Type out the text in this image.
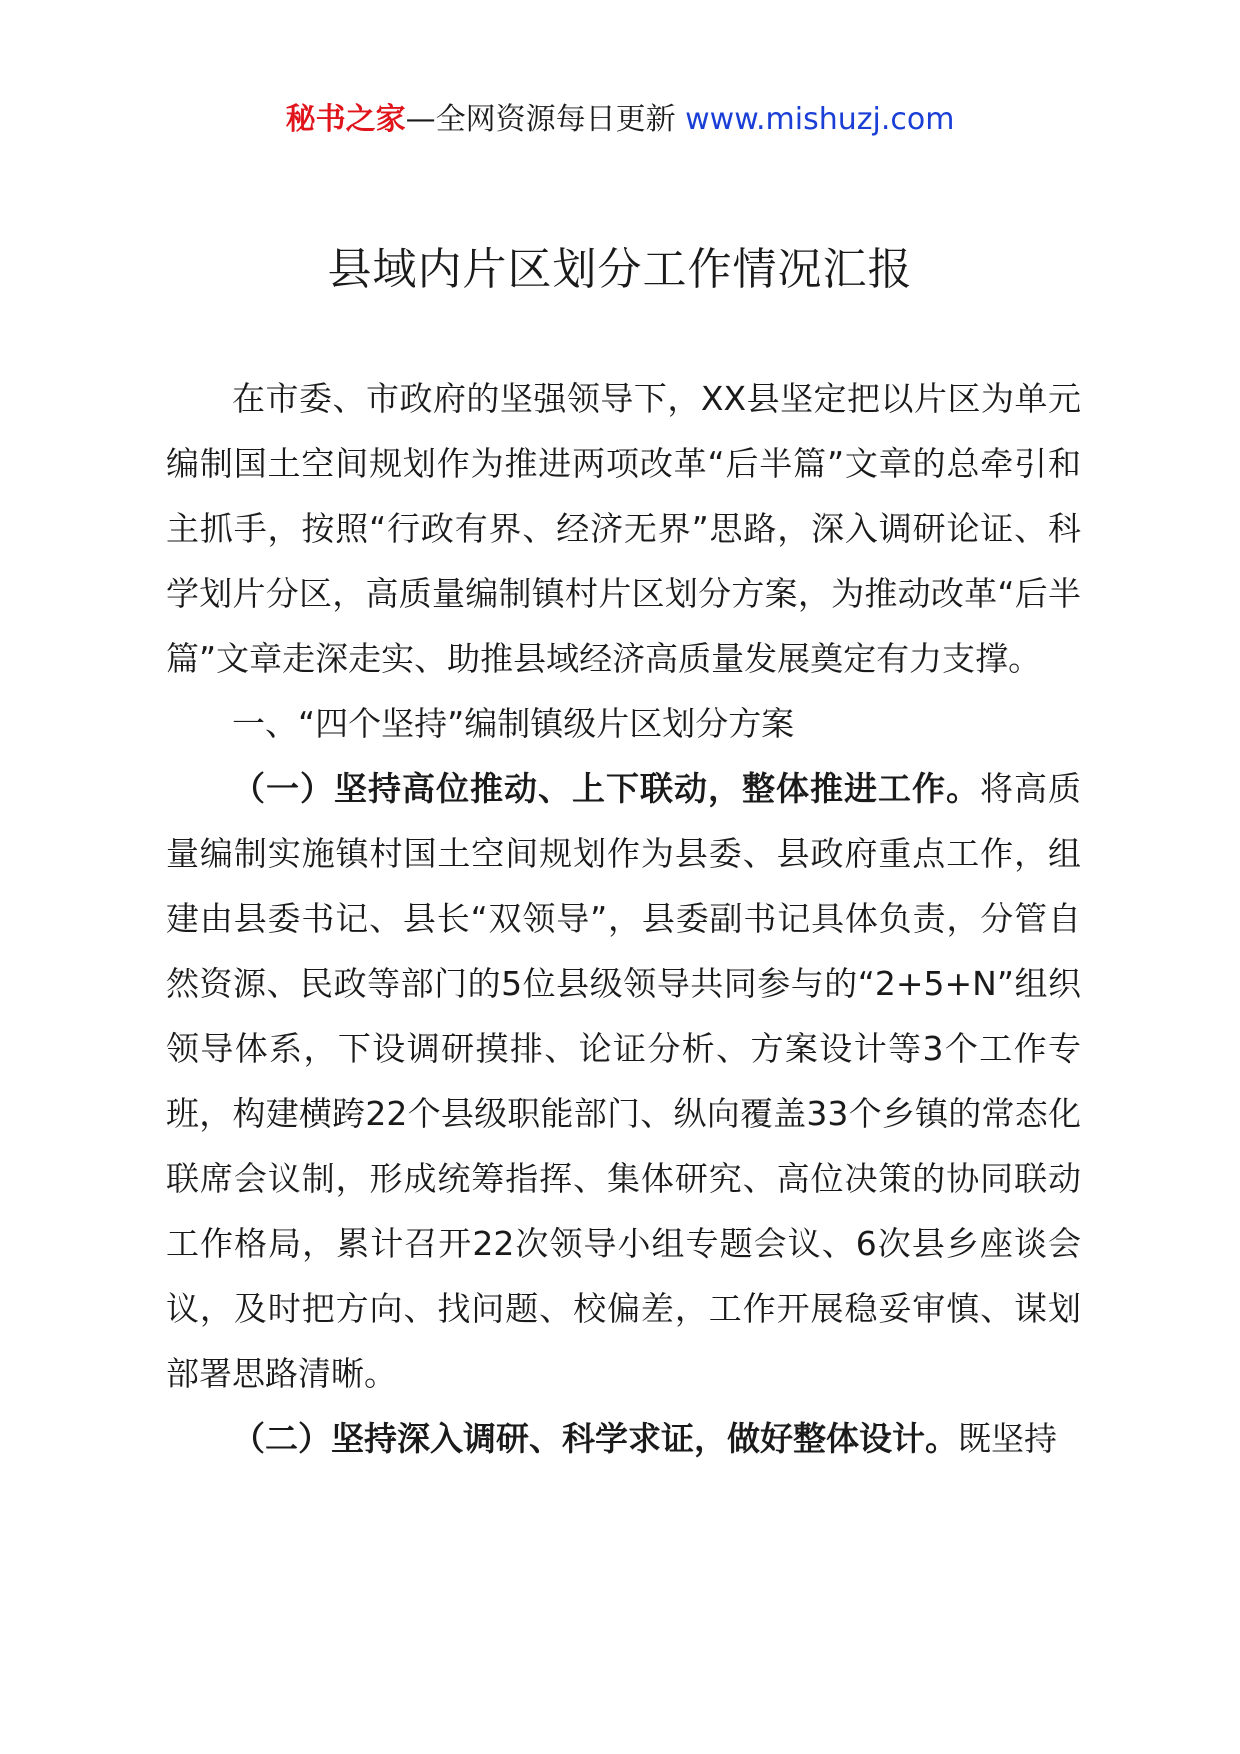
秘书之家—全网资源每日更新 www.mishuzj.com
县域内片区划分工作情况汇报

在市委、市政府的坚强领导下，XX县坚定把以片区为单元编制国土空间规划作为推进两项改革“后半篇”文章的总牵引和主抓手，按照“行政有界、经济无界”思路，深入调研论证、科学划片分区，高质量编制镇村片区划分方案，为推动改革“后半篇”文章走深走实、助推县域经济高质量发展奠定有力支撑。

一、“四个坚持”编制镇级片区划分方案

（一）坚持高位推动、上下联动，整体推进工作。将高质量编制实施镇村国土空间规划作为县委、县政府重点工作，组建由县委书记、县长“双领导”，县委副书记具体负责，分管自然资源、民政等部门的5位县级领导共同参与的“2+5+N”组织领导体系，下设调研摸排、论证分析、方案设计等3个工作专班，构建横跨22个县级职能部门、纵向覆盖33个乡镇的常态化联席会议制，形成统筹指挥、集体研究、高位决策的协同联动工作格局，累计召开22次领导小组专题会议、6次县乡座谈会议，及时把方向、找问题、校偏差，工作开展稳妥审慎、谋划部署思路清晰。

（二）坚持深入调研、科学求证，做好整体设计。既坚持
